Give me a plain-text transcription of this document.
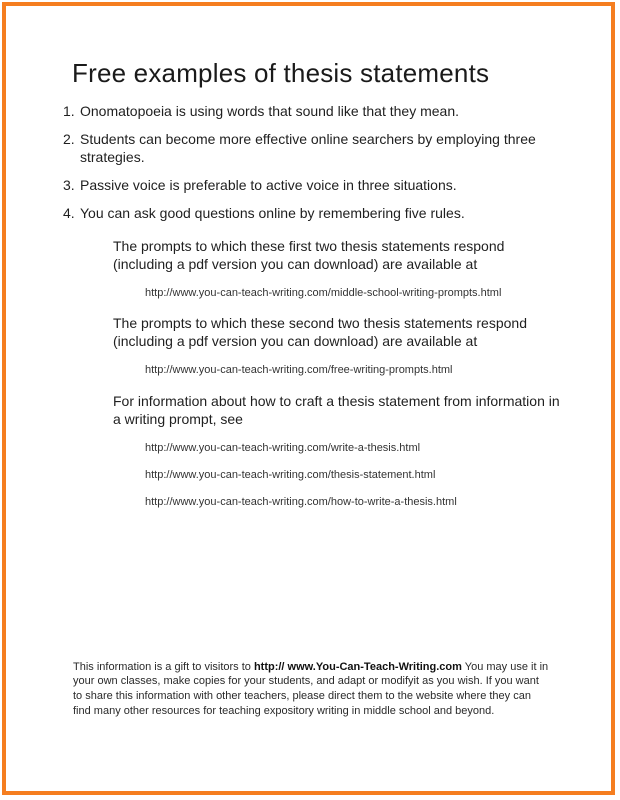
Free examples of thesis statements
1. Onomatopoeia is using words that sound like that they mean.
2. Students can become more effective online searchers by employing three strategies.
3. Passive voice is preferable to active voice in three situations.
4. You can ask good questions online by remembering five rules.

The prompts to which these first two thesis statements respond (including a pdf version you can download) are available at

http://www.you-can-teach-writing.com/middle-school-writing-prompts.html

The prompts to which these second two thesis statements respond (including a pdf version you can download) are available at

http://www.you-can-teach-writing.com/free-writing-prompts.html

For information about how to craft a thesis statement from information in a writing prompt, see

http://www.you-can-teach-writing.com/write-a-thesis.html
http://www.you-can-teach-writing.com/thesis-statement.html
http://www.you-can-teach-writing.com/how-to-write-a-thesis.html

This information is a gift to visitors to http:// www.You-Can-Teach-Writing.com You may use it in your own classes, make copies for your students, and adapt or modifyit as you wish. If you want to share this information with other teachers, please direct them to the website where they can find many other resources for teaching expository writing in middle school and beyond.
